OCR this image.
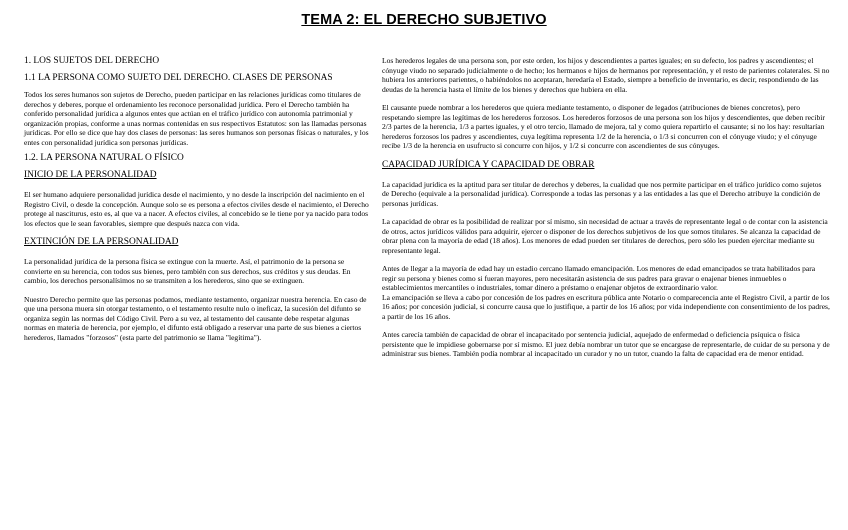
TEMA 2: EL DERECHO SUBJETIVO

1. LOS SUJETOS DEL DERECHO

1.1 LA PERSONA COMO SUJETO DEL DERECHO. CLASES DE PERSONAS

Todos los seres humanos son sujetos de Derecho, pueden participar en las relaciones jurídicas como titulares de derechos y deberes, porque el ordenamiento les reconoce personalidad jurídica. Pero el Derecho también ha conferido personalidad jurídica a algunos entes que actúan en el tráfico jurídico con autonomía patrimonial y organización propias, conforme a unas normas contenidas en sus respectivos Estatutos: son las llamadas personas jurídicas. Por ello se dice que hay dos clases de personas: las seres humanos son personas físicas o naturales, y los entes con personalidad jurídica son personas jurídicas.

1.2. LA PERSONA NATURAL O FÍSICO

INICIO DE LA PERSONALIDAD

El ser humano adquiere personalidad jurídica desde el nacimiento, y no desde la inscripción del nacimiento en el Registro Civil, o desde la concepción. Aunque solo se es persona a efectos civiles desde el nacimiento, el Derecho protege al nasciturus, esto es, al que va a nacer. A efectos civiles, al concebido se le tiene por ya nacido para todos los efectos que le sean favorables, siempre que después nazca con vida.

EXTINCIÓN DE LA PERSONALIDAD

La personalidad jurídica de la persona física se extingue con la muerte. Así, el patrimonio de la persona se convierte en su herencia, con todos sus bienes, pero también con sus derechos, sus créditos y sus deudas. En cambio, los derechos personalísimos no se transmiten a los herederos, sino que se extinguen.

Nuestro Derecho permite que las personas podamos, mediante testamento, organizar nuestra herencia. En caso de que una persona muera sin otorgar testamento, o el testamento resulte nulo o ineficaz, la sucesión del difunto se organiza según las normas del Código Civil. Pero a su vez, al testamento del causante debe respetar algunas normas en materia de herencia, por ejemplo, el difunto está obligado a reservar una parte de sus bienes a ciertos herederos, llamados "forzosos" (esta parte del patrimonio se llama "legítima").

Los herederos legales de una persona son, por este orden, los hijos y descendientes a partes iguales; en su defecto, los padres y ascendientes; el cónyuge viudo no separado judicialmente o de hecho; los hermanos e hijos de hermanos por representación, y el resto de parientes colaterales. Si no hubiera los anteriores parientes, o habiéndolos no aceptaran, heredaría el Estado, siempre a beneficio de inventario, es decir, respondiendo de las deudas de la herencia hasta el límite de los bienes y derechos que hubiera en ella.

El causante puede nombrar a los herederos que quiera mediante testamento, o disponer de legados (atribuciones de bienes concretos), pero respetando siempre las legítimas de los herederos forzosos. Los herederos forzosos de una persona son los hijos y descendientes, que deben recibir 2/3 partes de la herencia, 1/3 a partes iguales, y el otro tercio, llamado de mejora, tal y como quiera repartirlo el causante; si no los hay: resultarían herederos forzosos los padres y ascendientes, cuya legítima representa 1/2 de la herencia, o 1/3 si concurren con el cónyuge viudo; y el cónyuge recibe 1/3 de la herencia en usufructo si concurre con hijos, y 1/2 si concurre con ascendientes de sus cónyuges.

CAPACIDAD JURÍDICA Y CAPACIDAD DE OBRAR

La capacidad jurídica es la aptitud para ser titular de derechos y deberes, la cualidad que nos permite participar en el tráfico jurídico como sujetos de Derecho (equivale a la personalidad jurídica). Corresponde a todas las personas y a las entidades a las que el Derecho atribuye la condición de personas jurídicas.

La capacidad de obrar es la posibilidad de realizar por sí mismo, sin necesidad de actuar a través de representante legal o de contar con la asistencia de otros, actos jurídicos válidos para adquirir, ejercer o disponer de los derechos subjetivos de los que somos titulares. Se alcanza la capacidad de obrar plena con la mayoría de edad (18 años). Los menores de edad pueden ser titulares de derechos, pero sólo les pueden ejercitar mediante su representante legal.

Antes de llegar a la mayoría de edad hay un estadio cercano llamado emancipación. Los menores de edad emancipados se trata habilitados para regir su persona y bienes como si fueran mayores, pero necesitarán asistencia de sus padres para gravar o enajenar bienes inmuebles o establecimientos mercantiles o industriales, tomar dinero a préstamo o enajenar objetos de extraordinario valor.

La emancipación se lleva a cabo por concesión de los padres en escritura pública ante Notario o comparecencia ante el Registro Civil, a partir de los 16 años; por concesión judicial, si concurre causa que lo justifique, a partir de los 16 años; por vida independiente con consentimiento de los padres, a partir de los 16 años.

Antes carecía también de capacidad de obrar el incapacitado por sentencia judicial, aquejado de enfermedad o deficiencia psíquica o física persistente que le impidiese gobernarse por sí mismo. El juez debía nombrar un tutor que se encargase de representarle, de cuidar de su persona y de administrar sus bienes. También podía nombrar al incapacitado un curador y no un tutor, cuando la falta de capacidad era de menor entidad.
